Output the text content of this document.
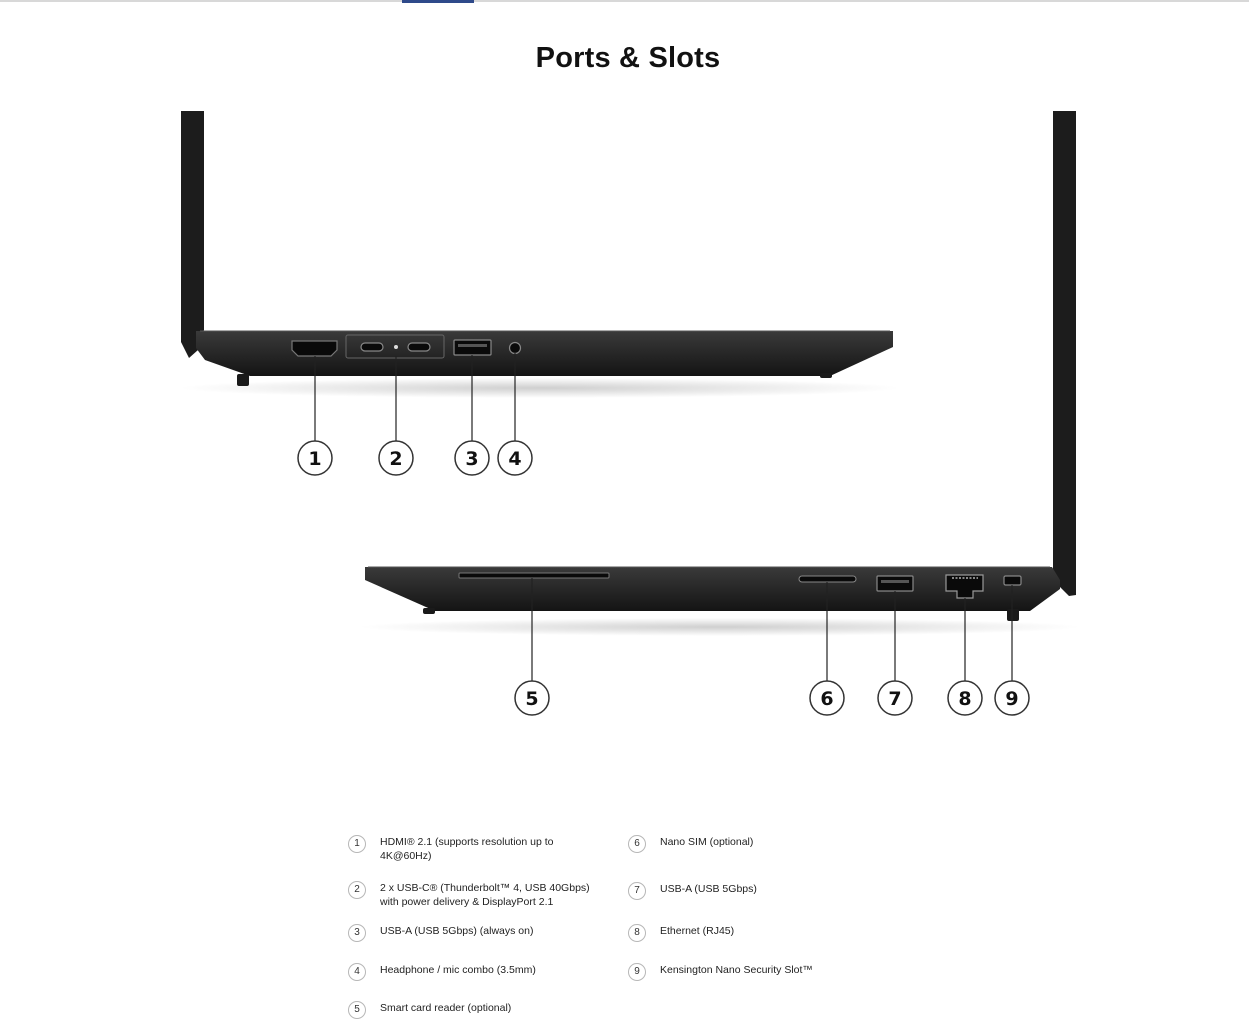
Ports & Slots
1	2	3 4
5	6	7	8 9
1	HDMI® 2.1 (supports resolution up to 4K@60Hz)
2	2 x USB-C® (Thunderbolt™ 4, USB 40Gbps) with power delivery & DisplayPort 2.1
3	USB-A (USB 5Gbps) (always on)
4	Headphone / mic combo (3.5mm)
5	Smart card reader (optional)
6	Nano SIM (optional)
7	USB-A (USB 5Gbps)
8	Ethernet (RJ45)
9	Kensington Nano Security Slot™
